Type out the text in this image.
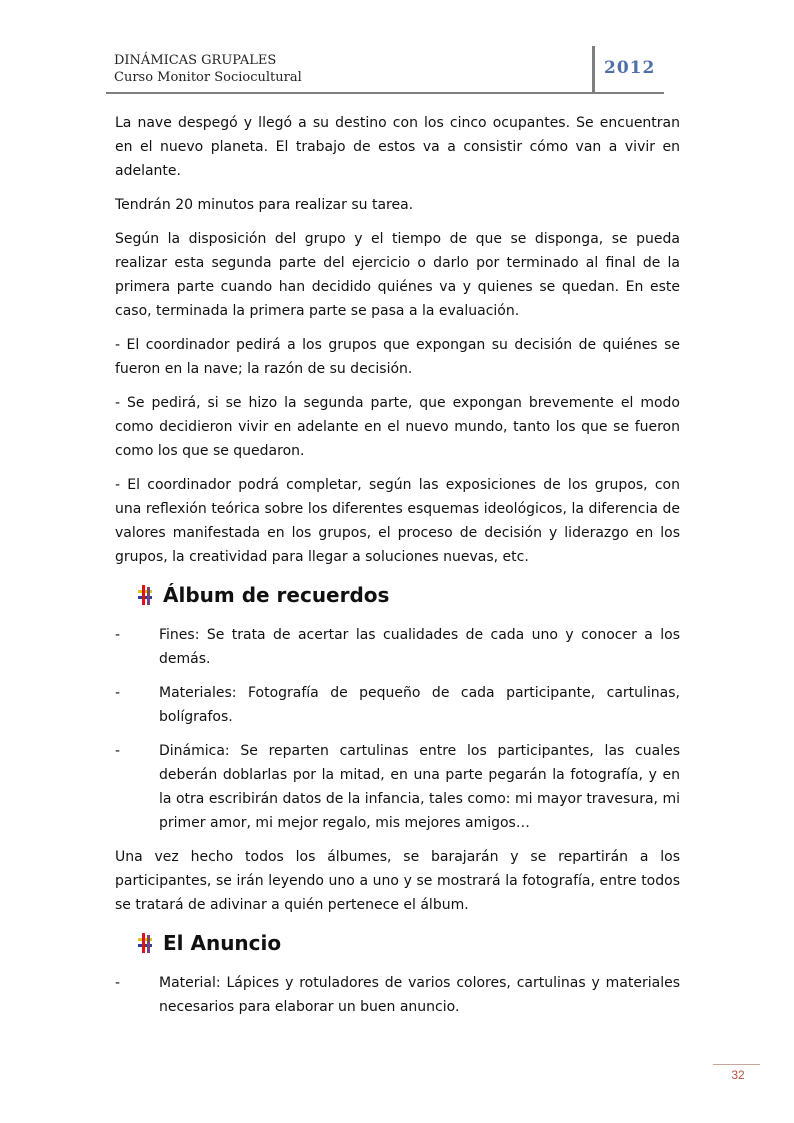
DINÁMICAS GRUPALES
Curso Monitor Sociocultural	2012

La nave despegó y llegó a su destino con los cinco ocupantes. Se encuentran en el nuevo planeta. El trabajo de estos va a consistir cómo van a vivir en adelante.

Tendrán 20 minutos para realizar su tarea.

Según la disposición del grupo y el tiempo de que se disponga, se pueda realizar esta segunda parte del ejercicio o darlo por terminado al final de la primera parte cuando han decidido quiénes va y quienes se quedan. En este caso, terminada la primera parte se pasa a la evaluación.

- El coordinador pedirá a los grupos que expongan su decisión de quiénes se fueron en la nave; la razón de su decisión.

- Se pedirá, si se hizo la segunda parte, que expongan brevemente el modo como decidieron vivir en adelante en el nuevo mundo, tanto los que se fueron como los que se quedaron.

- El coordinador podrá completar, según las exposiciones de los grupos, con una reflexión teórica sobre los diferentes esquemas ideológicos, la diferencia de valores manifestada en los grupos, el proceso de decisión y liderazgo en los grupos, la creatividad para llegar a soluciones nuevas, etc.

Álbum de recuerdos
-	Fines: Se trata de acertar las cualidades de cada uno y conocer a los demás.
-	Materiales: Fotografía de pequeño de cada participante, cartulinas, bolígrafos.
-	Dinámica: Se reparten cartulinas entre los participantes, las cuales deberán doblarlas por la mitad, en una parte pegarán la fotografía, y en la otra escribirán datos de la infancia, tales como: mi mayor travesura, mi primer amor, mi mejor regalo, mis mejores amigos…

Una vez hecho todos los álbumes, se barajarán y se repartirán a los participantes, se irán leyendo uno a uno y se mostrará la fotografía, entre todos se tratará de adivinar a quién pertenece el álbum.

El Anuncio
-	Material: Lápices y rotuladores de varios colores, cartulinas y materiales necesarios para elaborar un buen anuncio.
32
